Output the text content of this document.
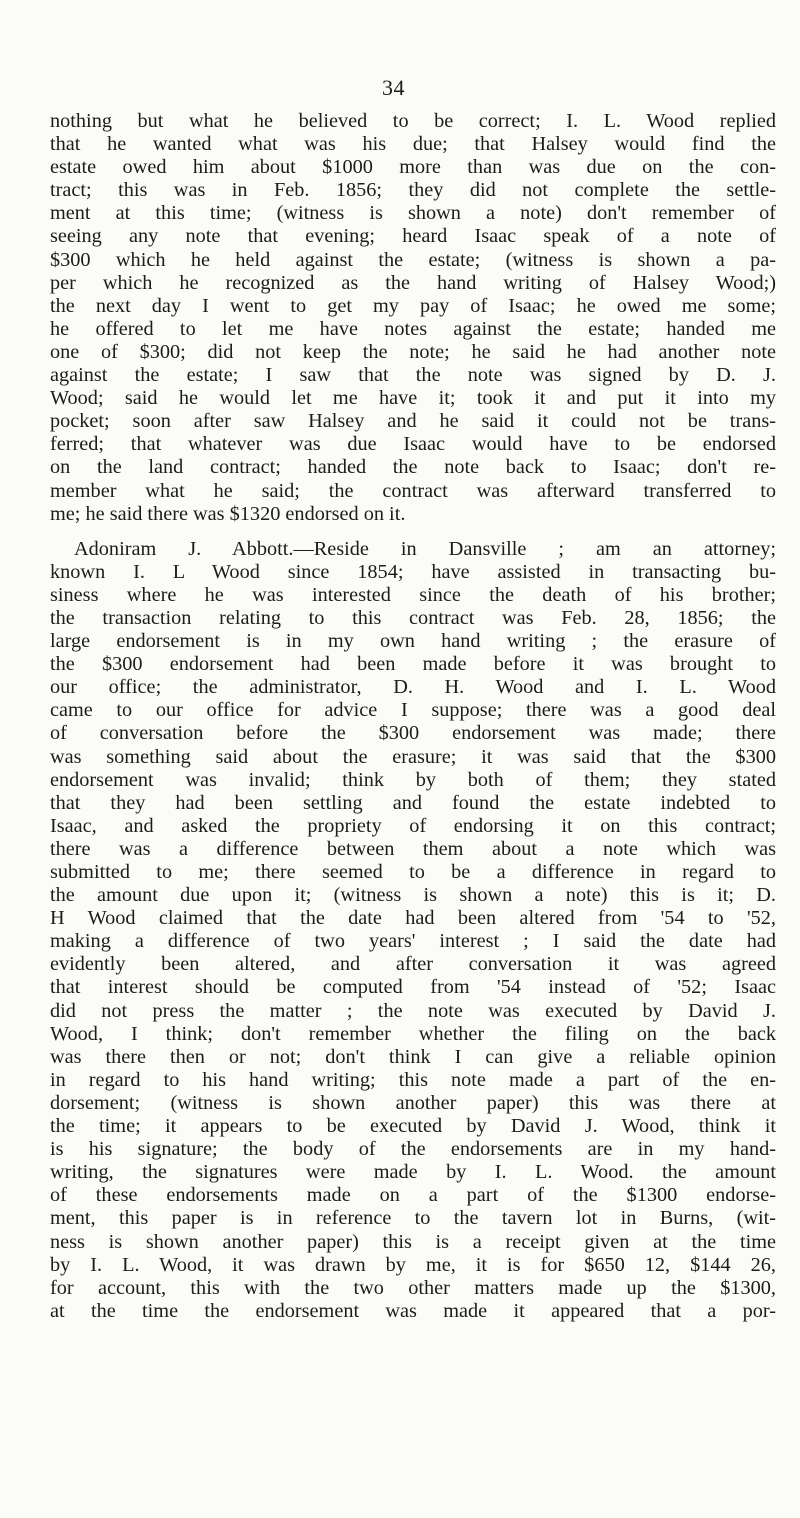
34
nothing but what he believed to be correct; I. L. Wood replied
that he wanted what was his due; that Halsey would find the
estate owed him about $1000 more than was due on the con-
tract; this was in Feb. 1856; they did not complete the settle-
ment at this time; (witness is shown a note) don't remember of
seeing any note that evening; heard Isaac speak of a note of
$300 which he held against the estate; (witness is shown a pa-
per which he recognized as the hand writing of Halsey Wood;)
the next day I went to get my pay of Isaac; he owed me some;
he offered to let me have notes against the estate; handed me
one of $300; did not keep the note; he said he had another note
against the estate; I saw that the note was signed by D. J.
Wood; said he would let me have it; took it and put it into my
pocket; soon after saw Halsey and he said it could not be trans-
ferred; that whatever was due Isaac would have to be endorsed
on the land contract; handed the note back to Isaac; don't re-
member what he said; the contract was afterward transferred to
me; he said there was $1320 endorsed on it.
Adoniram J. Abbott.—Reside in Dansville ; am an attorney;
known I. L Wood since 1854; have assisted in transacting bu-
siness where he was interested since the death of his brother;
the transaction relating to this contract was Feb. 28, 1856; the
large endorsement is in my own hand writing ; the erasure of
the $300 endorsement had been made before it was brought to
our office; the administrator, D. H. Wood and I. L. Wood
came to our office for advice I suppose; there was a good deal
of conversation before the $300 endorsement was made; there
was something said about the erasure; it was said that the $300
endorsement was invalid; think by both of them; they stated
that they had been settling and found the estate indebted to
Isaac, and asked the propriety of endorsing it on this contract;
there was a difference between them about a note which was
submitted to me; there seemed to be a difference in regard to
the amount due upon it; (witness is shown a note) this is it; D.
H Wood claimed that the date had been altered from '54 to '52,
making a difference of two years' interest ; I said the date had
evidently been altered, and after conversation it was agreed
that interest should be computed from '54 instead of '52; Isaac
did not press the matter ; the note was executed by David J.
Wood, I think; don't remember whether the filing on the back
was there then or not; don't think I can give a reliable opinion
in regard to his hand writing; this note made a part of the en-
dorsement; (witness is shown another paper) this was there at
the time; it appears to be executed by David J. Wood, think it
is his signature; the body of the endorsements are in my hand-
writing, the signatures were made by I. L. Wood. the amount
of these endorsements made on a part of the $1300 endorse-
ment, this paper is in reference to the tavern lot in Burns, (wit-
ness is shown another paper) this is a receipt given at the time
by I. L. Wood, it was drawn by me, it is for $650 12, $144 26,
for account, this with the two other matters made up the $1300,
at the time the endorsement was made it appeared that a por-
